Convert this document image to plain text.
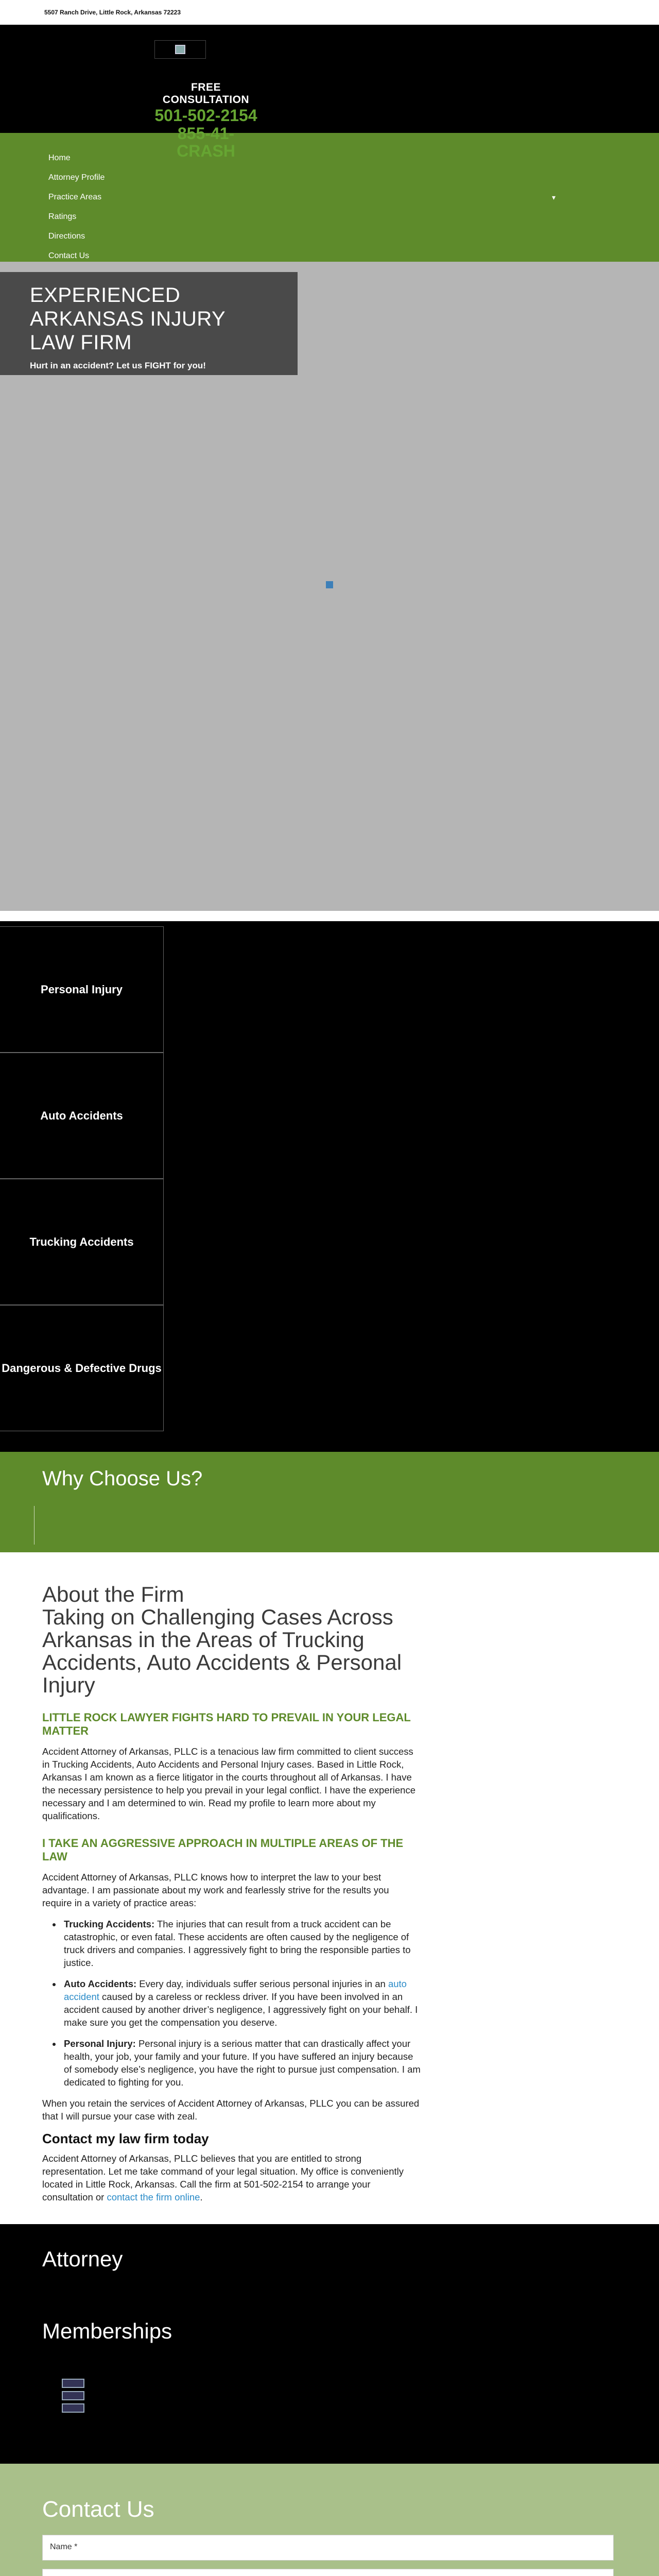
5507 Ranch Drive, Little Rock, Arkansas 72223
FREE CONSULTATION
501-502-2154
855-41-CRASH
Home
Attorney Profile
Practice Areas	▾
Ratings
Directions
Contact Us
EXPERIENCED ARKANSAS INJURY LAW FIRM

Hurt in an accident? Let us FIGHT for you!

Personal Injury
Auto Accidents
Trucking Accidents
Dangerous & Defective Drugs
Why Choose Us?
About the Firm
Taking on Challenging Cases Across Arkansas in the Areas of Trucking Accidents, Auto Accidents & Personal Injury
LITTLE ROCK LAWYER FIGHTS HARD TO PREVAIL IN YOUR LEGAL MATTER

Accident Attorney of Arkansas, PLLC is a tenacious law firm committed to client success in Trucking Accidents, Auto Accidents and Personal Injury cases. Based in Little Rock, Arkansas I am known as a fierce litigator in the courts throughout all of Arkansas. I have the necessary persistence to help you prevail in your legal conflict. I have the experience necessary and I am determined to win. Read my profile to learn more about my qualifications.

I TAKE AN AGGRESSIVE APPROACH IN MULTIPLE AREAS OF THE LAW

Accident Attorney of Arkansas, PLLC knows how to interpret the law to your best advantage. I am passionate about my work and fearlessly strive for the results you require in a variety of practice areas:

• Trucking Accidents: The injuries that can result from a truck accident can be catastrophic, or even fatal. These accidents are often caused by the negligence of truck drivers and companies. I aggressively fight to bring the responsible parties to justice.
• Auto Accidents: Every day, individuals suffer serious personal injuries in an auto accident caused by a careless or reckless driver. If you have been involved in an accident caused by another driver’s negligence, I aggressively fight on your behalf. I make sure you get the compensation you deserve.
• Personal Injury: Personal injury is a serious matter that can drastically affect your health, your job, your family and your future. If you have suffered an injury because of somebody else’s negligence, you have the right to pursue just compensation. I am dedicated to fighting for you.

When you retain the services of Accident Attorney of Arkansas, PLLC you can be assured that I will pursue your case with zeal.

Contact my law firm today

Accident Attorney of Arkansas, PLLC believes that you are entitled to strong representation. Let me take command of your legal situation. My office is conveniently located in Little Rock, Arkansas. Call the firm at 501-502-2154 to arrange your consultation or contact the firm online.

Attorney
Memberships
Contact Us
Name *
